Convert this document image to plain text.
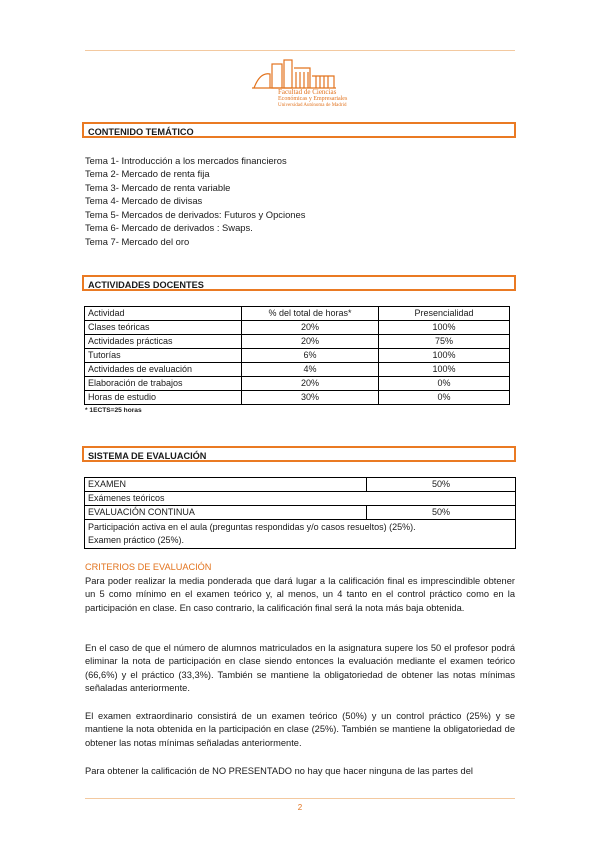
Facultad de Ciencias
Económicas y Empresariales
Universidad Autónoma de Madrid
CONTENIDO TEMÁTICO
Tema 1- Introducción a los mercados financieros
Tema 2- Mercado de renta fija
Tema 3- Mercado de renta variable
Tema 4- Mercado de divisas
Tema 5- Mercados de derivados: Futuros y Opciones
Tema 6- Mercado de derivados : Swaps.
Tema 7- Mercado del oro
ACTIVIDADES DOCENTES
Actividad	% del total de horas*	Presencialidad
Clases teóricas	20%	100%
Actividades prácticas	20%	75%
Tutorías	6%	100%
Actividades de evaluación	4%	100%
Elaboración de trabajos	20%	0%
Horas de estudio	30%	0%
* 1ECTS=25 horas
SISTEMA DE EVALUACIÓN
EXAMEN	50%
Exámenes teóricos	
EVALUACIÓN CONTINUA	50%

Participación activa en el aula (preguntas respondidas y/o casos resueltos) (25%).
Examen práctico (25%).	
CRITERIOS DE EVALUACIÓN
Para poder realizar la media ponderada que dará lugar a la calificación final es imprescindible obtener un 5 como mínimo en el examen teórico y, al menos, un 4 tanto en el control práctico como en la participación en clase. En caso contrario, la calificación final será la nota más baja obtenida.
En el caso de que el número de alumnos matriculados en la asignatura supere los 50 el profesor podrá eliminar la nota de participación en clase siendo entonces la evaluación mediante el examen teórico (66,6%) y el práctico (33,3%). También se mantiene la obligatoriedad de obtener las notas mínimas señaladas anteriormente.
El examen extraordinario consistirá de un examen teórico (50%) y un control práctico (25%) y se mantiene la nota obtenida en la participación en clase (25%). También se mantiene la obligatoriedad de obtener las notas mínimas señaladas anteriormente.
Para obtener la calificación de NO PRESENTADO no hay que hacer ninguna de las partes del
2
